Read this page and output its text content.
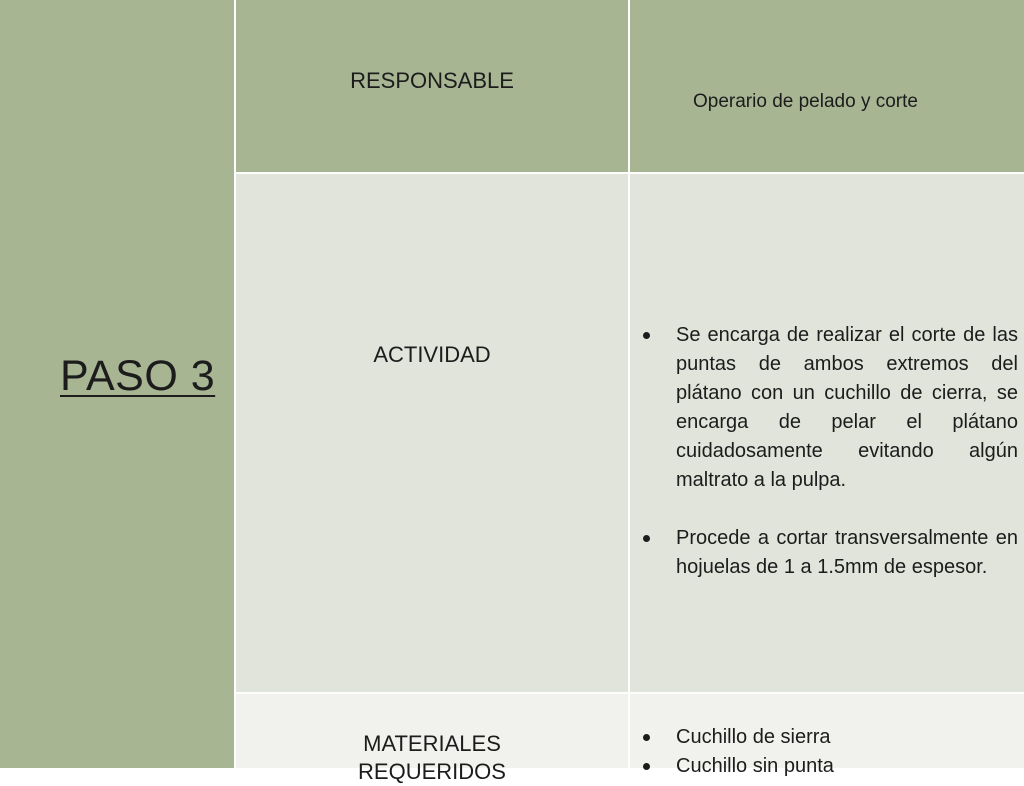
PASO 3
RESPONSABLE
Operario de pelado y corte
ACTIVIDAD
Se encarga de realizar el corte de las puntas de ambos extremos del plátano con un cuchillo de cierra, se encarga de pelar el plátano cuidadosamente evitando algún maltrato a la pulpa.
Procede a cortar transversalmente en hojuelas de 1 a 1.5mm de espesor.
MATERIALES REQUERIDOS
Cuchillo de sierra
Cuchillo sin punta
